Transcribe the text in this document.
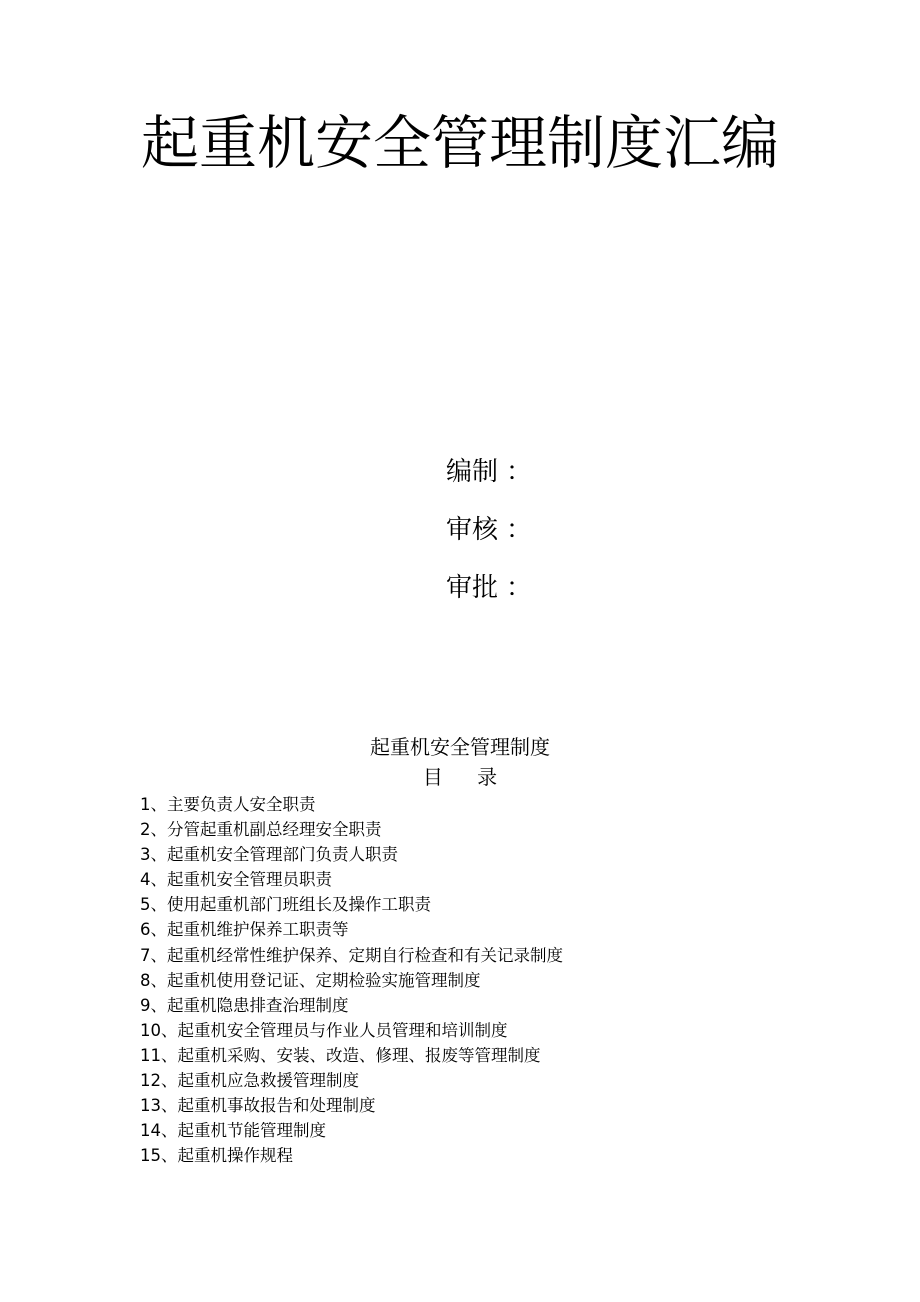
起重机安全管理制度汇编
编制 ：
审核 ：
审批 ：
起重机安全管理制度
目 录
1、主要负责人安全职责
2、分管起重机副总经理安全职责
3、起重机安全管理部门负责人职责
4、起重机安全管理员职责
5、使用起重机部门班组长及操作工职责
6、起重机维护保养工职责等
7、起重机经常性维护保养、定期自行检查和有关记录制度
8、起重机使用登记证、定期检验实施管理制度
9、起重机隐患排查治理制度
10、起重机安全管理员与作业人员管理和培训制度
11、起重机采购、安装、改造、修理、报废等管理制度
12、起重机应急救援管理制度
13、起重机事故报告和处理制度
14、起重机节能管理制度
15、起重机操作规程
